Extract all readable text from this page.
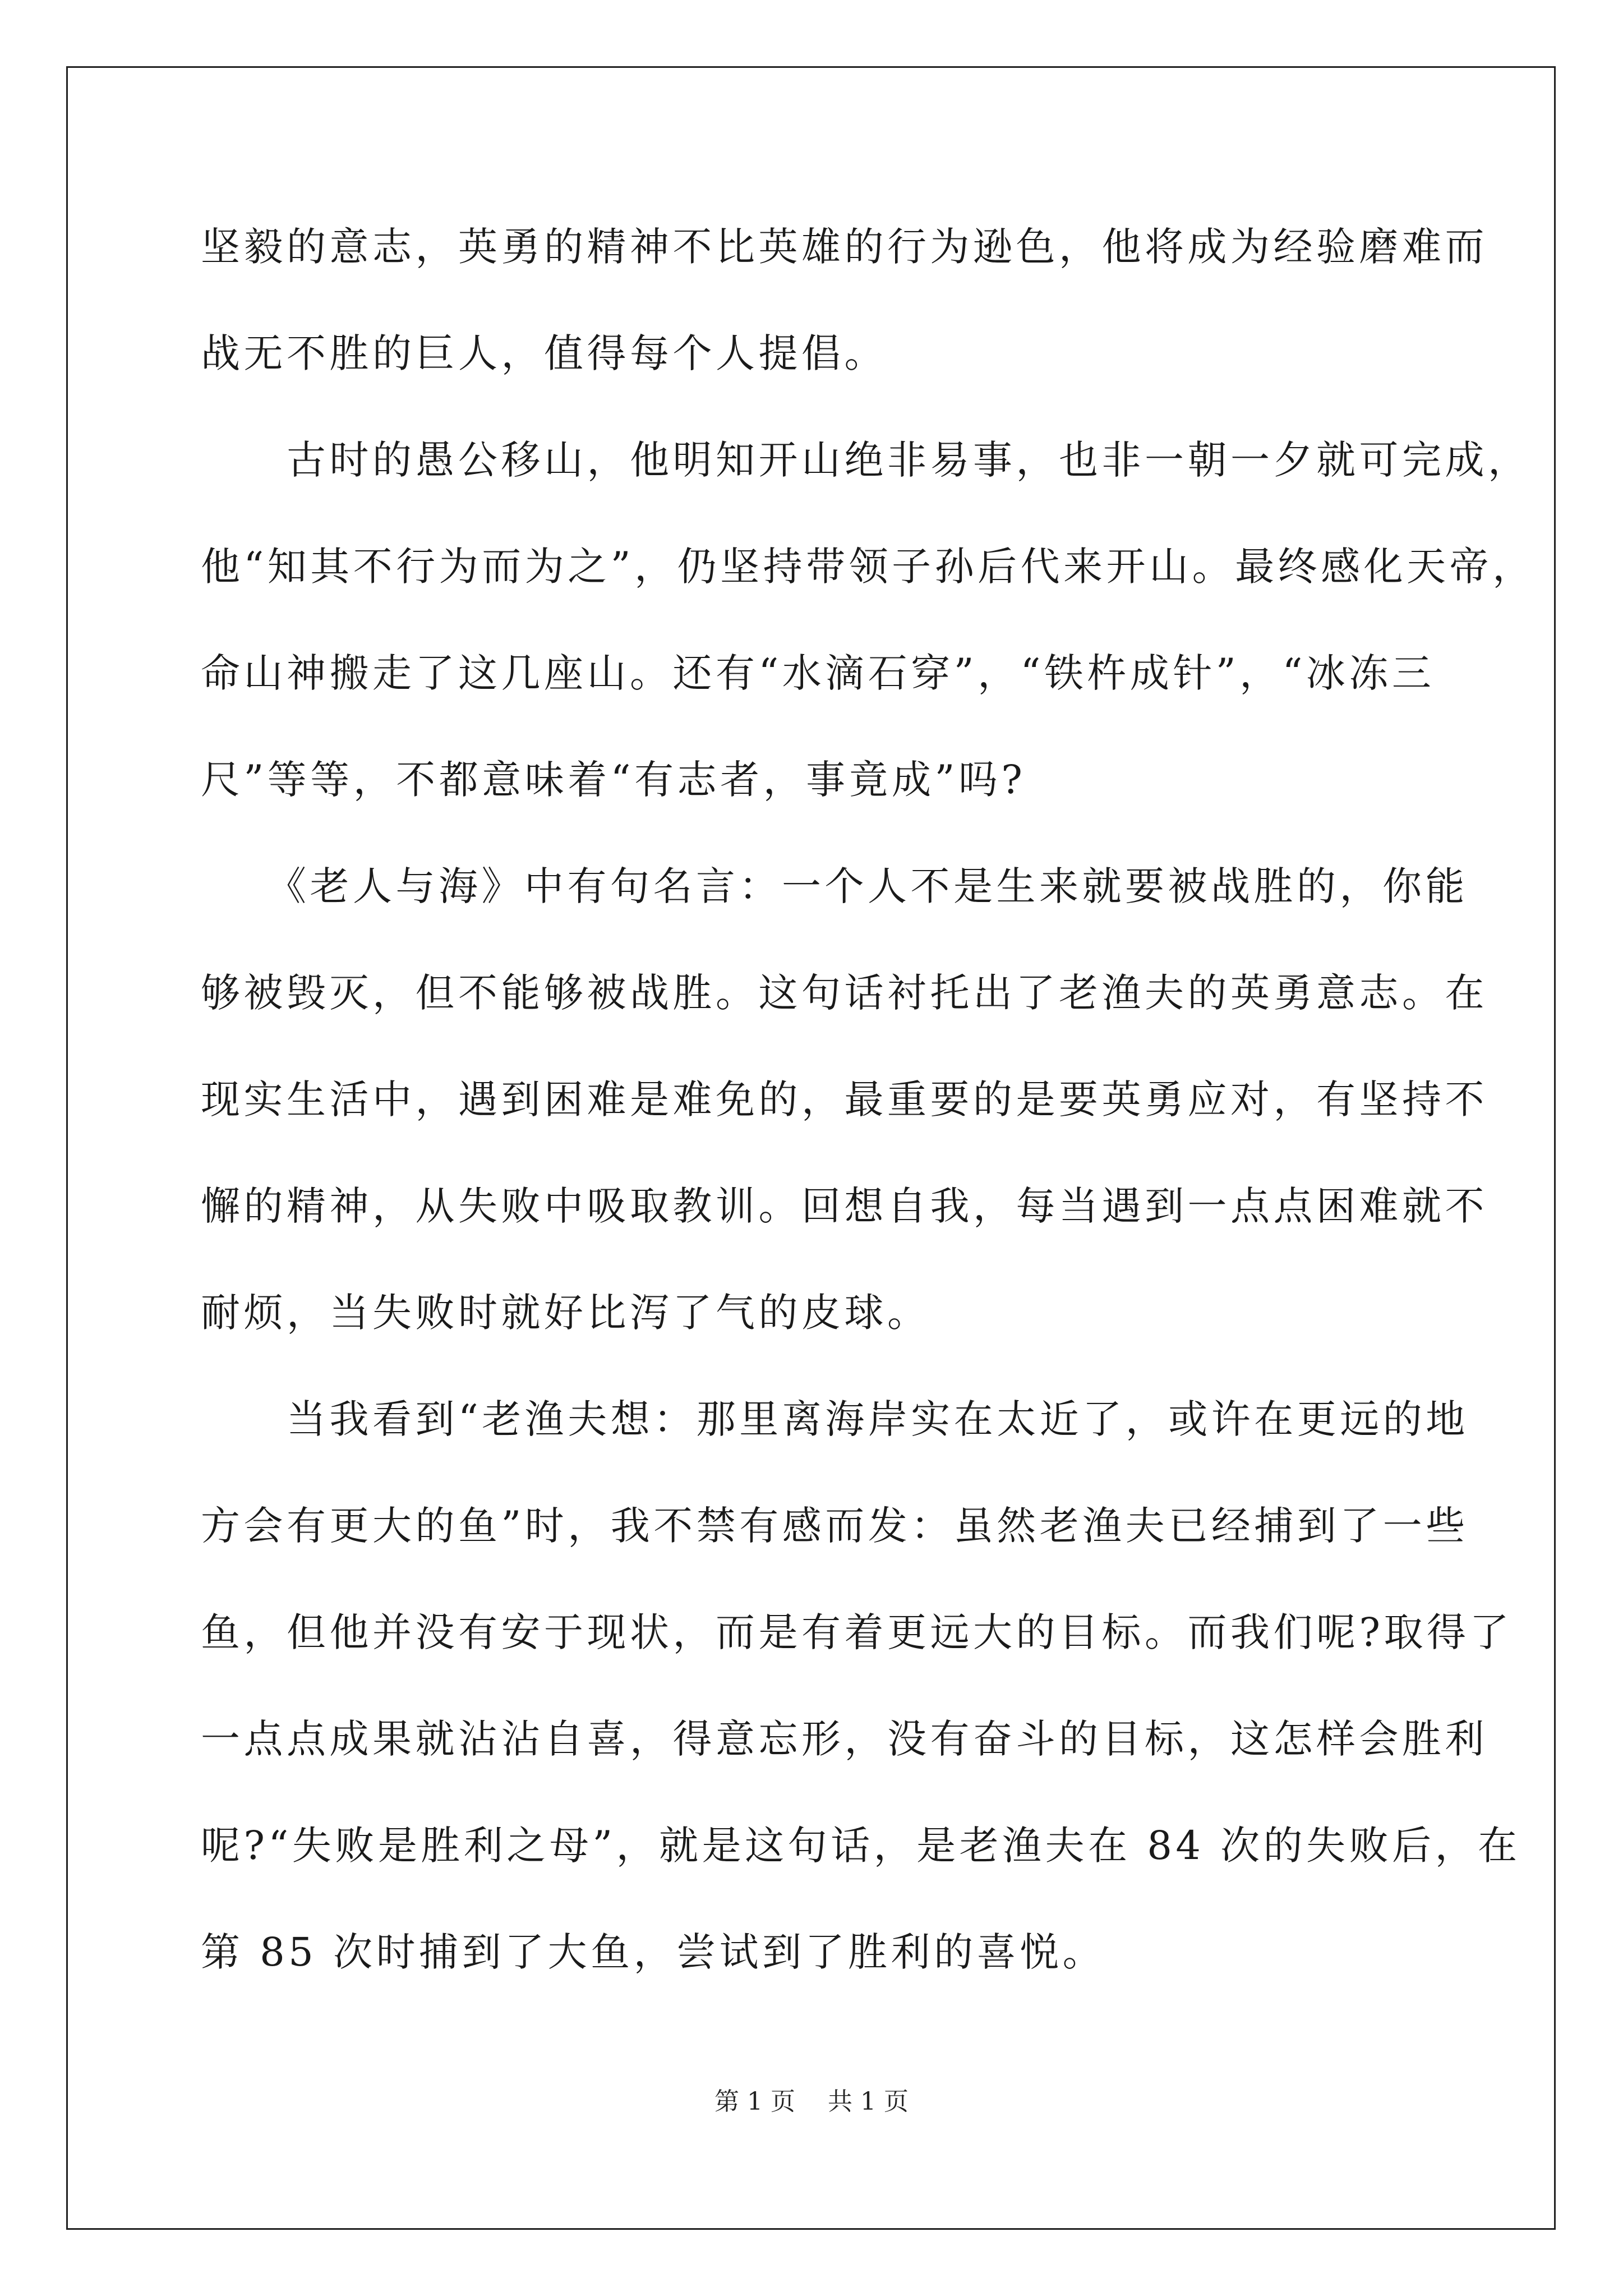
坚毅的意志，英勇的精神不比英雄的行为逊色，他将成为经验磨难而
战无不胜的巨人，值得每个人提倡。
　　古时的愚公移山，他明知开山绝非易事，也非一朝一夕就可完成，
他“知其不行为而为之”，仍坚持带领子孙后代来开山。最终感化天帝，
命山神搬走了这几座山。还有“水滴石穿”，“铁杵成针”，“冰冻三
尺”等等，不都意味着“有志者，事竟成”吗?
　　《老人与海》中有句名言：一个人不是生来就要被战胜的，你能
够被毁灭，但不能够被战胜。这句话衬托出了老渔夫的英勇意志。在
现实生活中，遇到困难是难免的，最重要的是要英勇应对，有坚持不
懈的精神，从失败中吸取教训。回想自我，每当遇到一点点困难就不
耐烦，当失败时就好比泻了气的皮球。
　　当我看到“老渔夫想：那里离海岸实在太近了，或许在更远的地
方会有更大的鱼”时，我不禁有感而发：虽然老渔夫已经捕到了一些
鱼，但他并没有安于现状，而是有着更远大的目标。而我们呢?取得了
一点点成果就沾沾自喜，得意忘形，没有奋斗的目标，这怎样会胜利
呢?“失败是胜利之母”，就是这句话，是老渔夫在 84 次的失败后，在
第 85 次时捕到了大鱼，尝试到了胜利的喜悦。
第 1 页　 共 1 页
